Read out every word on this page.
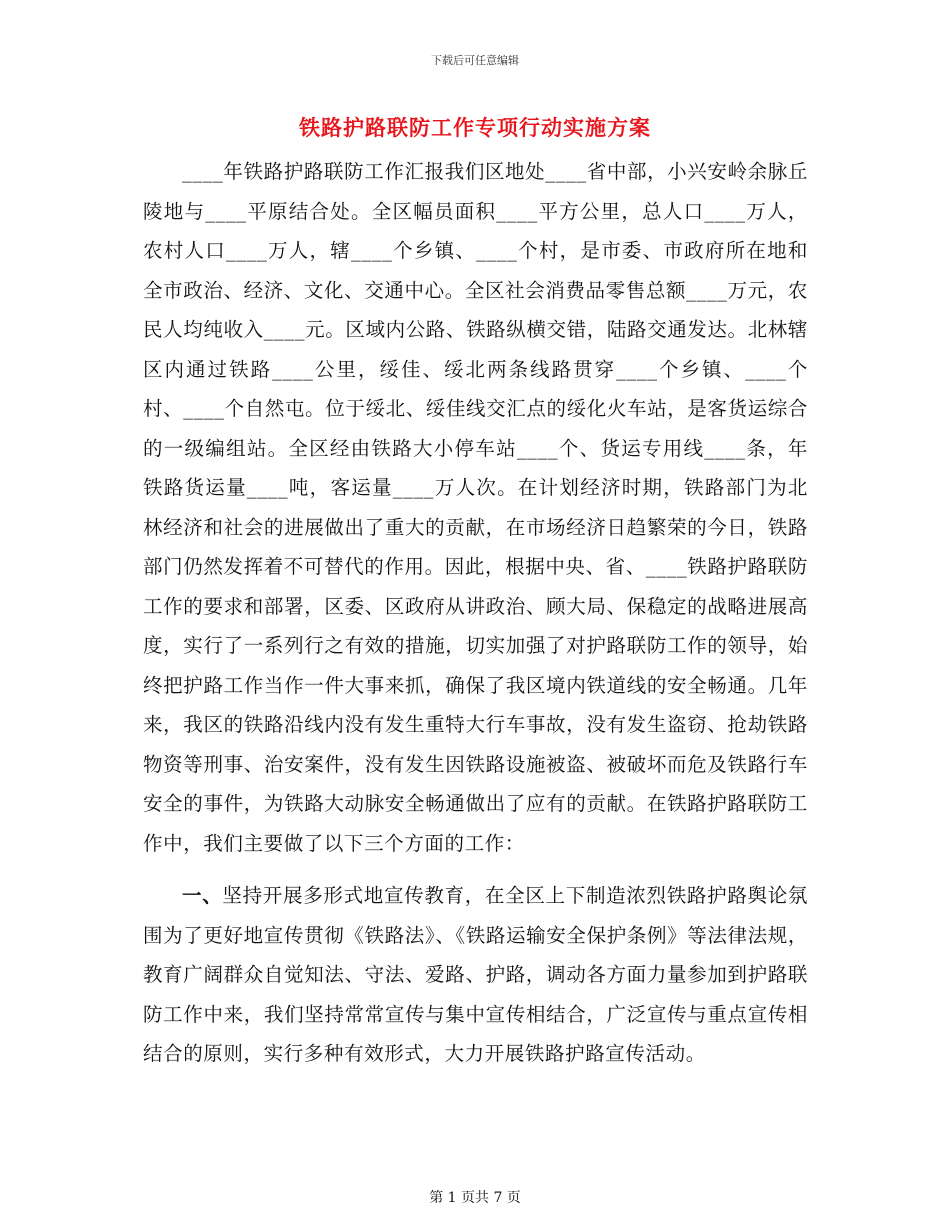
下载后可任意编辑
铁路护路联防工作专项行动实施方案

____年铁路护路联防工作汇报我们区地处____省中部，小兴安岭余脉丘陵地与____平原结合处。全区幅员面积____平方公里，总人口____万人，农村人口____万人，辖____个乡镇、____个村，是市委、市政府所在地和全市政治、经济、文化、交通中心。全区社会消费品零售总额____万元，农民人均纯收入____元。区域内公路、铁路纵横交错，陆路交通发达。北林辖区内通过铁路____公里，绥佳、绥北两条线路贯穿____个乡镇、____个村、____个自然屯。位于绥北、绥佳线交汇点的绥化火车站，是客货运综合的一级编组站。全区经由铁路大小停车站____个、货运专用线____条，年铁路货运量____吨，客运量____万人次。在计划经济时期，铁路部门为北林经济和社会的进展做出了重大的贡献，在市场经济日趋繁荣的今日，铁路部门仍然发挥着不可替代的作用。因此，根据中央、省、____铁路护路联防工作的要求和部署，区委、区政府从讲政治、顾大局、保稳定的战略进展高度，实行了一系列行之有效的措施，切实加强了对护路联防工作的领导，始终把护路工作当作一件大事来抓，确保了我区境内铁道线的安全畅通。几年来，我区的铁路沿线内没有发生重特大行车事故，没有发生盗窃、抢劫铁路物资等刑事、治安案件，没有发生因铁路设施被盗、被破坏而危及铁路行车安全的事件，为铁路大动脉安全畅通做出了应有的贡献。在铁路护路联防工作中，我们主要做了以下三个方面的工作：

一、坚持开展多形式地宣传教育，在全区上下制造浓烈铁路护路舆论氛围为了更好地宣传贯彻《铁路法》、《铁路运输安全保护条例》等法律法规，教育广阔群众自觉知法、守法、爱路、护路，调动各方面力量参加到护路联防工作中来，我们坚持常常宣传与集中宣传相结合，广泛宣传与重点宣传相结合的原则，实行多种有效形式，大力开展铁路护路宣传活动。

第 1 页共 7 页
